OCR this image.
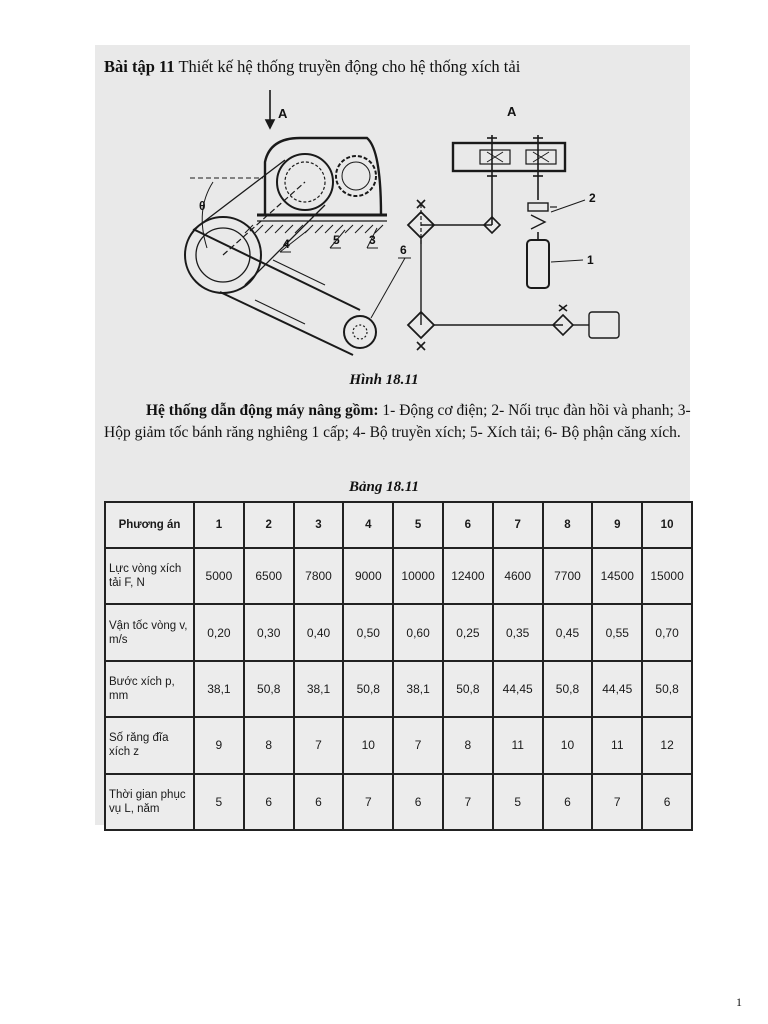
Bài tập 11 Thiết kế hệ thống truyền động cho hệ thống xích tải
A
θ
4	5 3
6
A
2
1
Hình 18.11
Hệ thống dẫn động máy nâng gồm: 1- Động cơ điện; 2- Nối trục đàn hồi và phanh; 3- Hộp giảm tốc bánh răng nghiêng 1 cấp; 4- Bộ truyền xích; 5- Xích tải; 6- Bộ phận căng xích.
Bảng 18.11
Phương án	1	2	3	4	5	6	7	8	9	10
Lực vòng xích tải F, N	5000	6500	7800	9000	10000	12400	4600	7700	14500	15000
Vận tốc vòng v, m/s	0,20	0,30	0,40	0,50	0,60	0,25	0,35	0,45	0,55	0,70
Bước xích p, mm	38,1	50,8	38,1	50,8	38,1	50,8	44,45	50,8	44,45	50,8
Số răng đĩa xích z	9	8	7	10	7	8	11	10	11	12
Thời gian phục vụ L, năm	5	6	6	7	6	7	5	6	7	6
1
